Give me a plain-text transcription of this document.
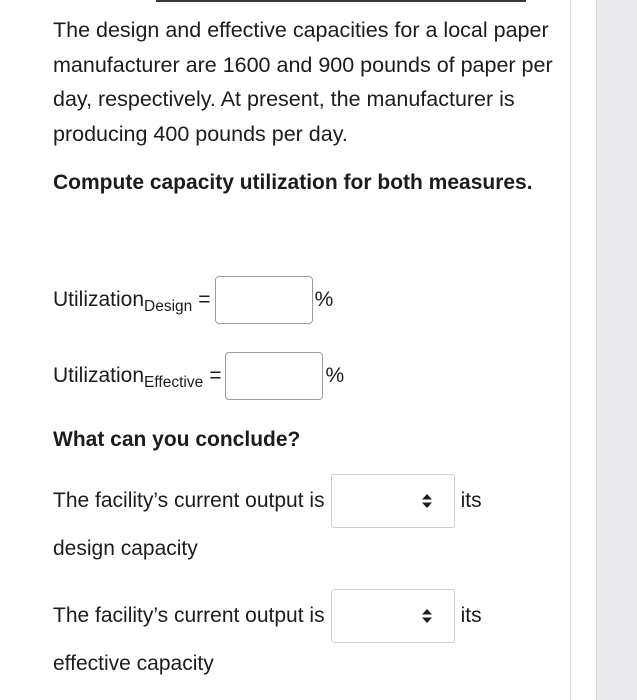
The design and effective capacities for a local paper manufacturer are 1600 and 900 pounds of paper per day, respectively. At present, the manufacturer is producing 400 pounds per day.

Compute capacity utilization for both measures.

Utilization Design =	%
Utilization Effective =	%
What can you conclude?
The facility’s current output is	its
design capacity
The facility’s current output is	its
effective capacity
